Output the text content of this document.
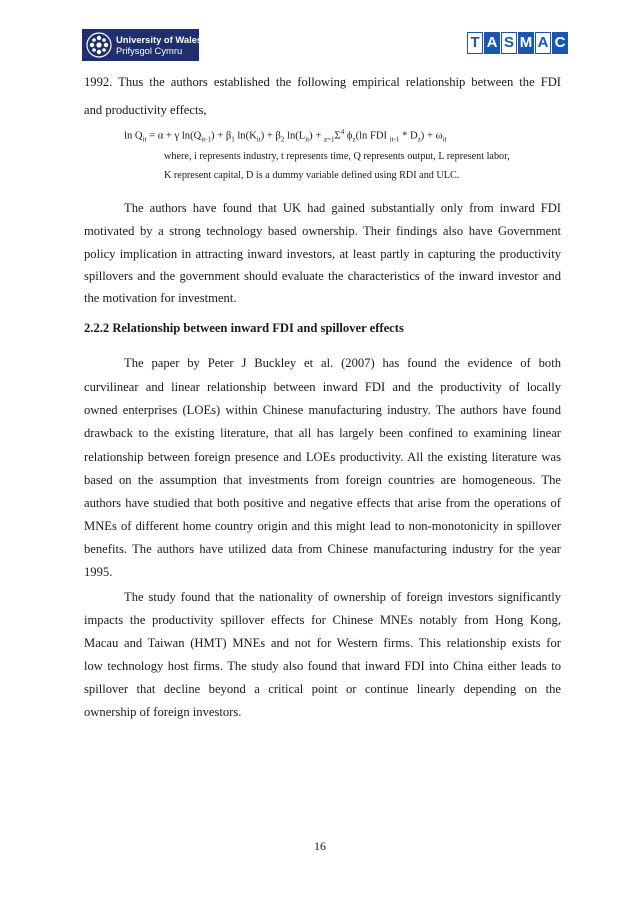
University of Wales
Prifysgol Cymru	T A S M A C
1992. Thus the authors established the following empirical relationship between the FDI
and productivity effects,
$\ln Q_{it} = \alpha + \gamma$ $\ln(Q_{it-1}) + \beta_1$ $\ln(K_{it}) + \beta_2$ $\ln(L_{it}) + _{z=1}\Sigma^4$ $\phi_z(\ln$ FDI $_{it-1} * D_z) + \omega_{it}$
where, i represents industry, t represents time, Q represents output, L represent labor,
K represent capital, D is a dummy variable defined using RDI and ULC.
The authors have found that UK had gained substantially only from inward FDI
motivated by a strong technology based ownership. Their findings also have Government
policy implication in attracting inward investors, at least partly in capturing the productivity
spillovers and the government should evaluate the characteristics of the inward investor and
the motivation for investment.
2.2.2 Relationship between inward FDI and spillover effects
The paper by Peter J Buckley et al. (2007) has found the evidence of both
curvilinear and linear relationship between inward FDI and the productivity of locally
owned enterprises (LOEs) within Chinese manufacturing industry. The authors have found
drawback to the existing literature, that all has largely been confined to examining linear
relationship between foreign presence and LOEs productivity. All the existing literature was
based on the assumption that investments from foreign countries are homogeneous. The
authors have studied that both positive and negative effects that arise from the operations of
MNEs of different home country origin and this might lead to non-monotonicity in spillover
benefits. The authors have utilized data from Chinese manufacturing industry for the year
1995.
The study found that the nationality of ownership of foreign investors significantly
impacts the productivity spillover effects for Chinese MNEs notably from Hong Kong,
Macau and Taiwan (HMT) MNEs and not for Western firms. This relationship exists for
low technology host firms. The study also found that inward FDI into China either leads to
spillover that decline beyond a critical point or continue linearly depending on the
ownership of foreign investors.
16
